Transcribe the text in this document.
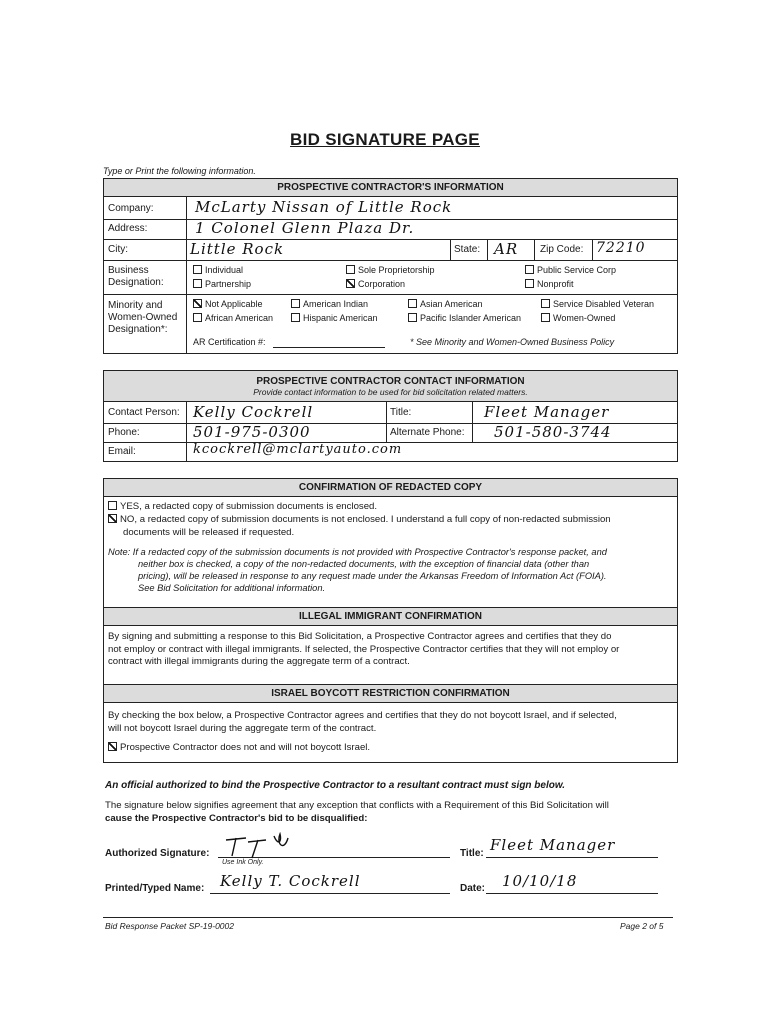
BID SIGNATURE PAGE
Type or Print the following information.
PROSPECTIVE CONTRACTOR'S INFORMATION
Company:	McLarty Nissan of Little Rock
Address:	1 Colonel Glenn Plaza Dr.
City:	Little Rock	State: AR Zip Code: 72210
Business
Designation:
Individual	Sole Proprietorship	Public Service Corp
Partnership	Corporation	Nonprofit
Minority and
Women-Owned
Designation*:
Not Applicable	American Indian	Asian American	Service Disabled Veteran
African American	Hispanic American	Pacific Islander American	Women-Owned
AR Certification #:	* See Minority and Women-Owned Business Policy
PROSPECTIVE CONTRACTOR CONTACT INFORMATION
Provide contact information to be used for bid solicitation related matters.
Contact Person: Kelly Cockrell	Title:	Fleet Manager
Phone:	501-975-0300	Alternate Phone: 501-580-3744
Email:	kcockrell@mclartyauto.com
CONFIRMATION OF REDACTED COPY
YES, a redacted copy of submission documents is enclosed.
NO, a redacted copy of submission documents is not enclosed. I understand a full copy of non-redacted submission
documents will be released if requested.
Note: If a redacted copy of the submission documents is not provided with Prospective Contractor's response packet, and
neither box is checked, a copy of the non-redacted documents, with the exception of financial data (other than
pricing), will be released in response to any request made under the Arkansas Freedom of Information Act (FOIA).
See Bid Solicitation for additional information.
ILLEGAL IMMIGRANT CONFIRMATION
By signing and submitting a response to this Bid Solicitation, a Prospective Contractor agrees and certifies that they do
not employ or contract with illegal immigrants. If selected, the Prospective Contractor certifies that they will not employ or
contract with illegal immigrants during the aggregate term of a contract.
ISRAEL BOYCOTT RESTRICTION CONFIRMATION
By checking the box below, a Prospective Contractor agrees and certifies that they do not boycott Israel, and if selected,
will not boycott Israel during the aggregate term of the contract.
Prospective Contractor does not and will not boycott Israel.
An official authorized to bind the Prospective Contractor to a resultant contract must sign below.
The signature below signifies agreement that any exception that conflicts with a Requirement of this Bid Solicitation will
cause the Prospective Contractor's bid to be disqualified:
Authorized Signature:
Use Ink Only.
Title: Fleet Manager
Printed/Typed Name: Kelly T. Cockrell	Date: 10/10/18
Bid Response Packet SP-19-0002	Page 2 of 5
